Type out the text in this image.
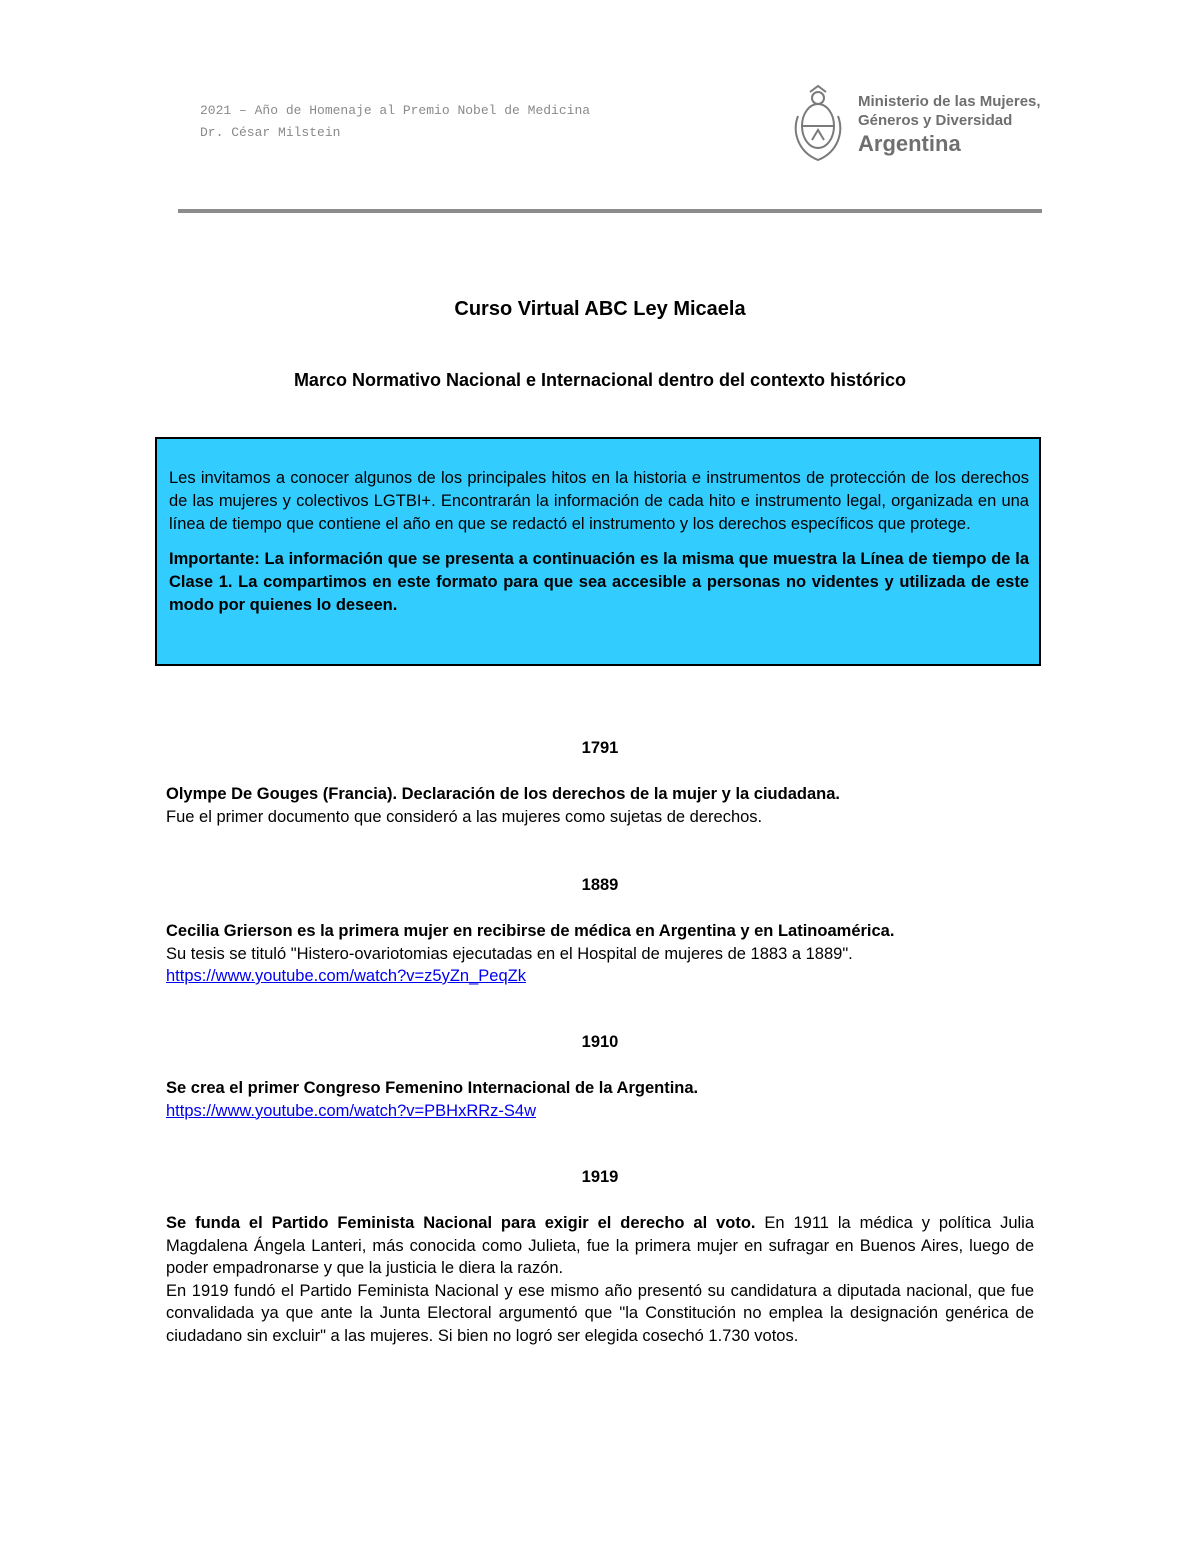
2021 – Año de Homenaje al Premio Nobel de Medicina
Dr. César Milstein
Ministerio de las Mujeres,
Géneros y Diversidad
Argentina
Curso Virtual ABC Ley Micaela
Marco Normativo Nacional e Internacional dentro del contexto histórico

Les invitamos a conocer algunos de los principales hitos en la historia e instrumentos de protección de los derechos de las mujeres y colectivos LGTBI+. Encontrarán la información de cada hito e instrumento legal, organizada en una línea de tiempo que contiene el año en que se redactó el instrumento y los derechos específicos que protege.

Importante: La información que se presenta a continuación es la misma que muestra la Línea de tiempo de la Clase 1. La compartimos en este formato para que sea accesible a personas no videntes y utilizada de este modo por quienes lo deseen.

1791
Olympe De Gouges (Francia). Declaración de los derechos de la mujer y la ciudadana.
Fue el primer documento que consideró a las mujeres como sujetas de derechos.
1889
Cecilia Grierson es la primera mujer en recibirse de médica en Argentina y en Latinoamérica.
Su tesis se tituló "Histero-ovariotomias ejecutadas en el Hospital de mujeres de 1883 a 1889".
https://www.youtube.com/watch?v=z5yZn_PeqZk
1910
Se crea el primer Congreso Femenino Internacional de la Argentina.
https://www.youtube.com/watch?v=PBHxRRz-S4w
1919
Se funda el Partido Feminista Nacional para exigir el derecho al voto. En 1911 la médica y política Julia Magdalena Ángela Lanteri, más conocida como Julieta, fue la primera mujer en sufragar en Buenos Aires, luego de poder empadronarse y que la justicia le diera la razón.
En 1919 fundó el Partido Feminista Nacional y ese mismo año presentó su candidatura a diputada nacional, que fue convalidada ya que ante la Junta Electoral argumentó que "la Constitución no emplea la designación genérica de ciudadano sin excluir" a las mujeres. Si bien no logró ser elegida cosechó 1.730 votos.
